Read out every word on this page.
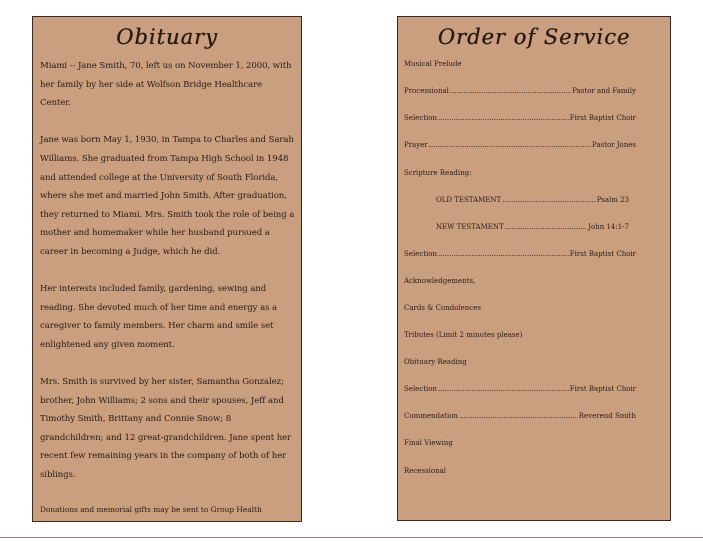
Obituary

Miami -- Jane Smith, 70, left us on November 1, 2000, with
her family by her side at Wolfson Bridge Healthcare
Center.

Jane was born May 1, 1930, in Tampa to Charles and Sarah
Williams. She graduated from Tampa High School in 1948
and attended college at the University of South Florida,
where she met and married John Smith. After graduation,
they returned to Miami. Mrs. Smith took the role of being a
mother and homemaker while her husband pursued a
career in becoming a Judge, which he did.

Her interests included family, gardening, sewing and
reading. She devoted much of her time and energy as a
caregiver to family members. Her charm and smile set
enlightened any given moment.

Mrs. Smith is survived by her sister, Samantha Gonzalez;
brother, John Williams; 2 sons and their spouses, Jeff and
Timothy Smith, Brittany and Connie Snow; 8
grandchildren; and 12 great-grandchildren. Jane spent her
recent few remaining years in the company of both of her
siblings.

Donations and memorial gifts may be sent to Group Health
Order of Service
Musical Prelude
Processional .....	Pastor and Family
Selection .....	First Baptist Choir
Prayer .....	Pastor Jones
Scripture Reading:
OLD TESTAMENT .....	Psalm 23
NEW TESTAMENT .....	John 14:1-7
Selection .....	First Baptist Choir
Acknowledgements,
Cards & Condolences
Tributes (Limit 2 minutes please)
Obituary Reading
Selection .....	First Baptist Choir
Commendation .....	Reverend Smith
Final Viewing
Recessional
